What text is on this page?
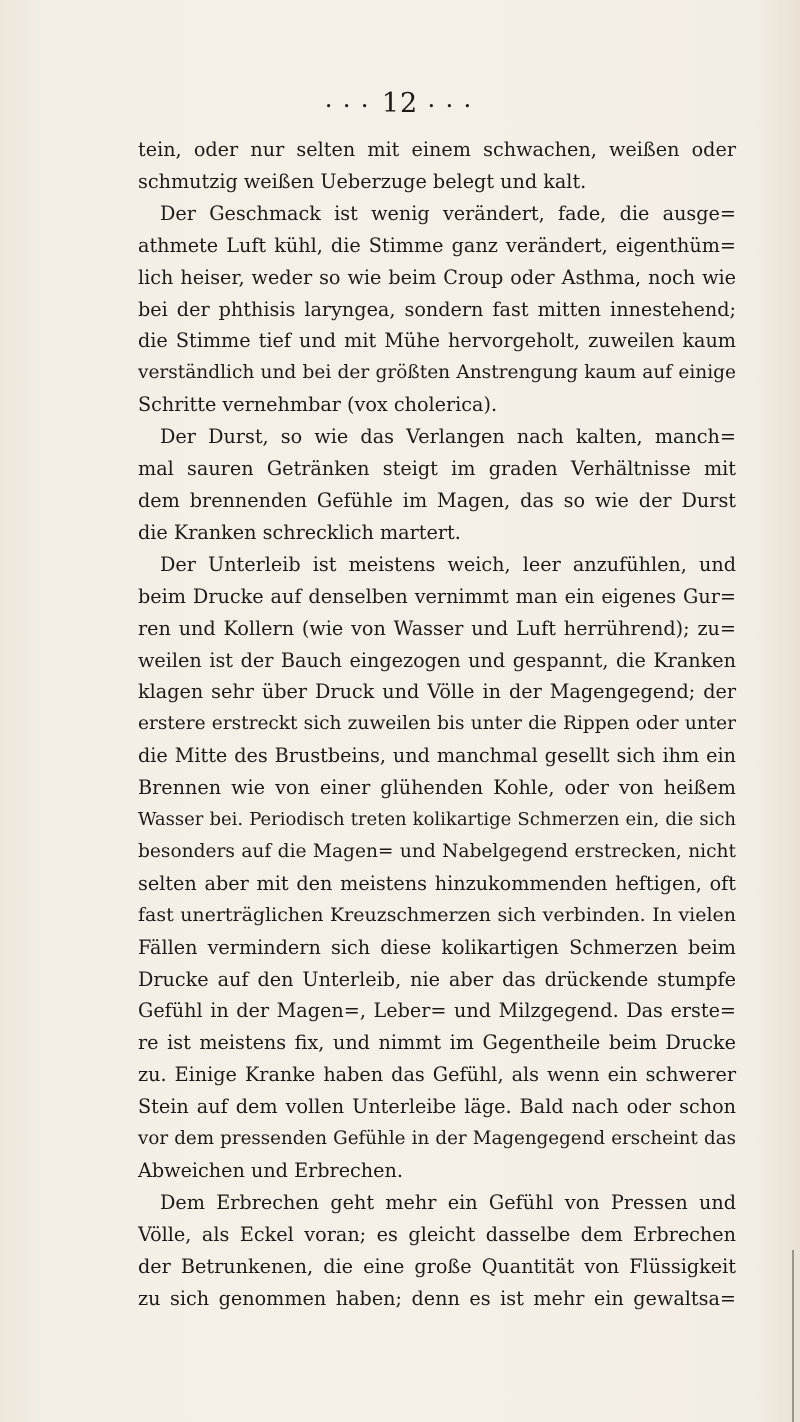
• • • 12 • • •
tein, oder nur selten mit einem schwachen, weißen oder
schmutzig weißen Ueberzuge belegt und kalt.
Der Geschmack ist wenig verändert, fade, die ausge=
athmete Luft kühl, die Stimme ganz verändert, eigenthüm=
lich heiser, weder so wie beim Croup oder Asthma, noch wie
bei der phthisis laryngea, sondern fast mitten innestehend;
die Stimme tief und mit Mühe hervorgeholt, zuweilen kaum
verständlich und bei der größten Anstrengung kaum auf einige
Schritte vernehmbar (vox cholerica).
Der Durst, so wie das Verlangen nach kalten, manch=
mal sauren Getränken steigt im graden Verhältnisse mit
dem brennenden Gefühle im Magen, das so wie der Durst
die Kranken schrecklich martert.
Der Unterleib ist meistens weich, leer anzufühlen, und
beim Drucke auf denselben vernimmt man ein eigenes Gur=
ren und Kollern (wie von Wasser und Luft herrührend); zu=
weilen ist der Bauch eingezogen und gespannt, die Kranken
klagen sehr über Druck und Völle in der Magengegend; der
erstere erstreckt sich zuweilen bis unter die Rippen oder unter
die Mitte des Brustbeins, und manchmal gesellt sich ihm ein
Brennen wie von einer glühenden Kohle, oder von heißem
Wasser bei. Periodisch treten kolikartige Schmerzen ein, die sich
besonders auf die Magen= und Nabelgegend erstrecken, nicht
selten aber mit den meistens hinzukommenden heftigen, oft
fast unerträglichen Kreuzschmerzen sich verbinden. In vielen
Fällen vermindern sich diese kolikartigen Schmerzen beim
Drucke auf den Unterleib, nie aber das drückende stumpfe
Gefühl in der Magen=, Leber= und Milzgegend. Das erste=
re ist meistens fix, und nimmt im Gegentheile beim Drucke
zu. Einige Kranke haben das Gefühl, als wenn ein schwerer
Stein auf dem vollen Unterleibe läge. Bald nach oder schon
vor dem pressenden Gefühle in der Magengegend erscheint das
Abweichen und Erbrechen.
Dem Erbrechen geht mehr ein Gefühl von Pressen und
Völle, als Eckel voran; es gleicht dasselbe dem Erbrechen
der Betrunkenen, die eine große Quantität von Flüssigkeit
zu sich genommen haben; denn es ist mehr ein gewaltsa=
